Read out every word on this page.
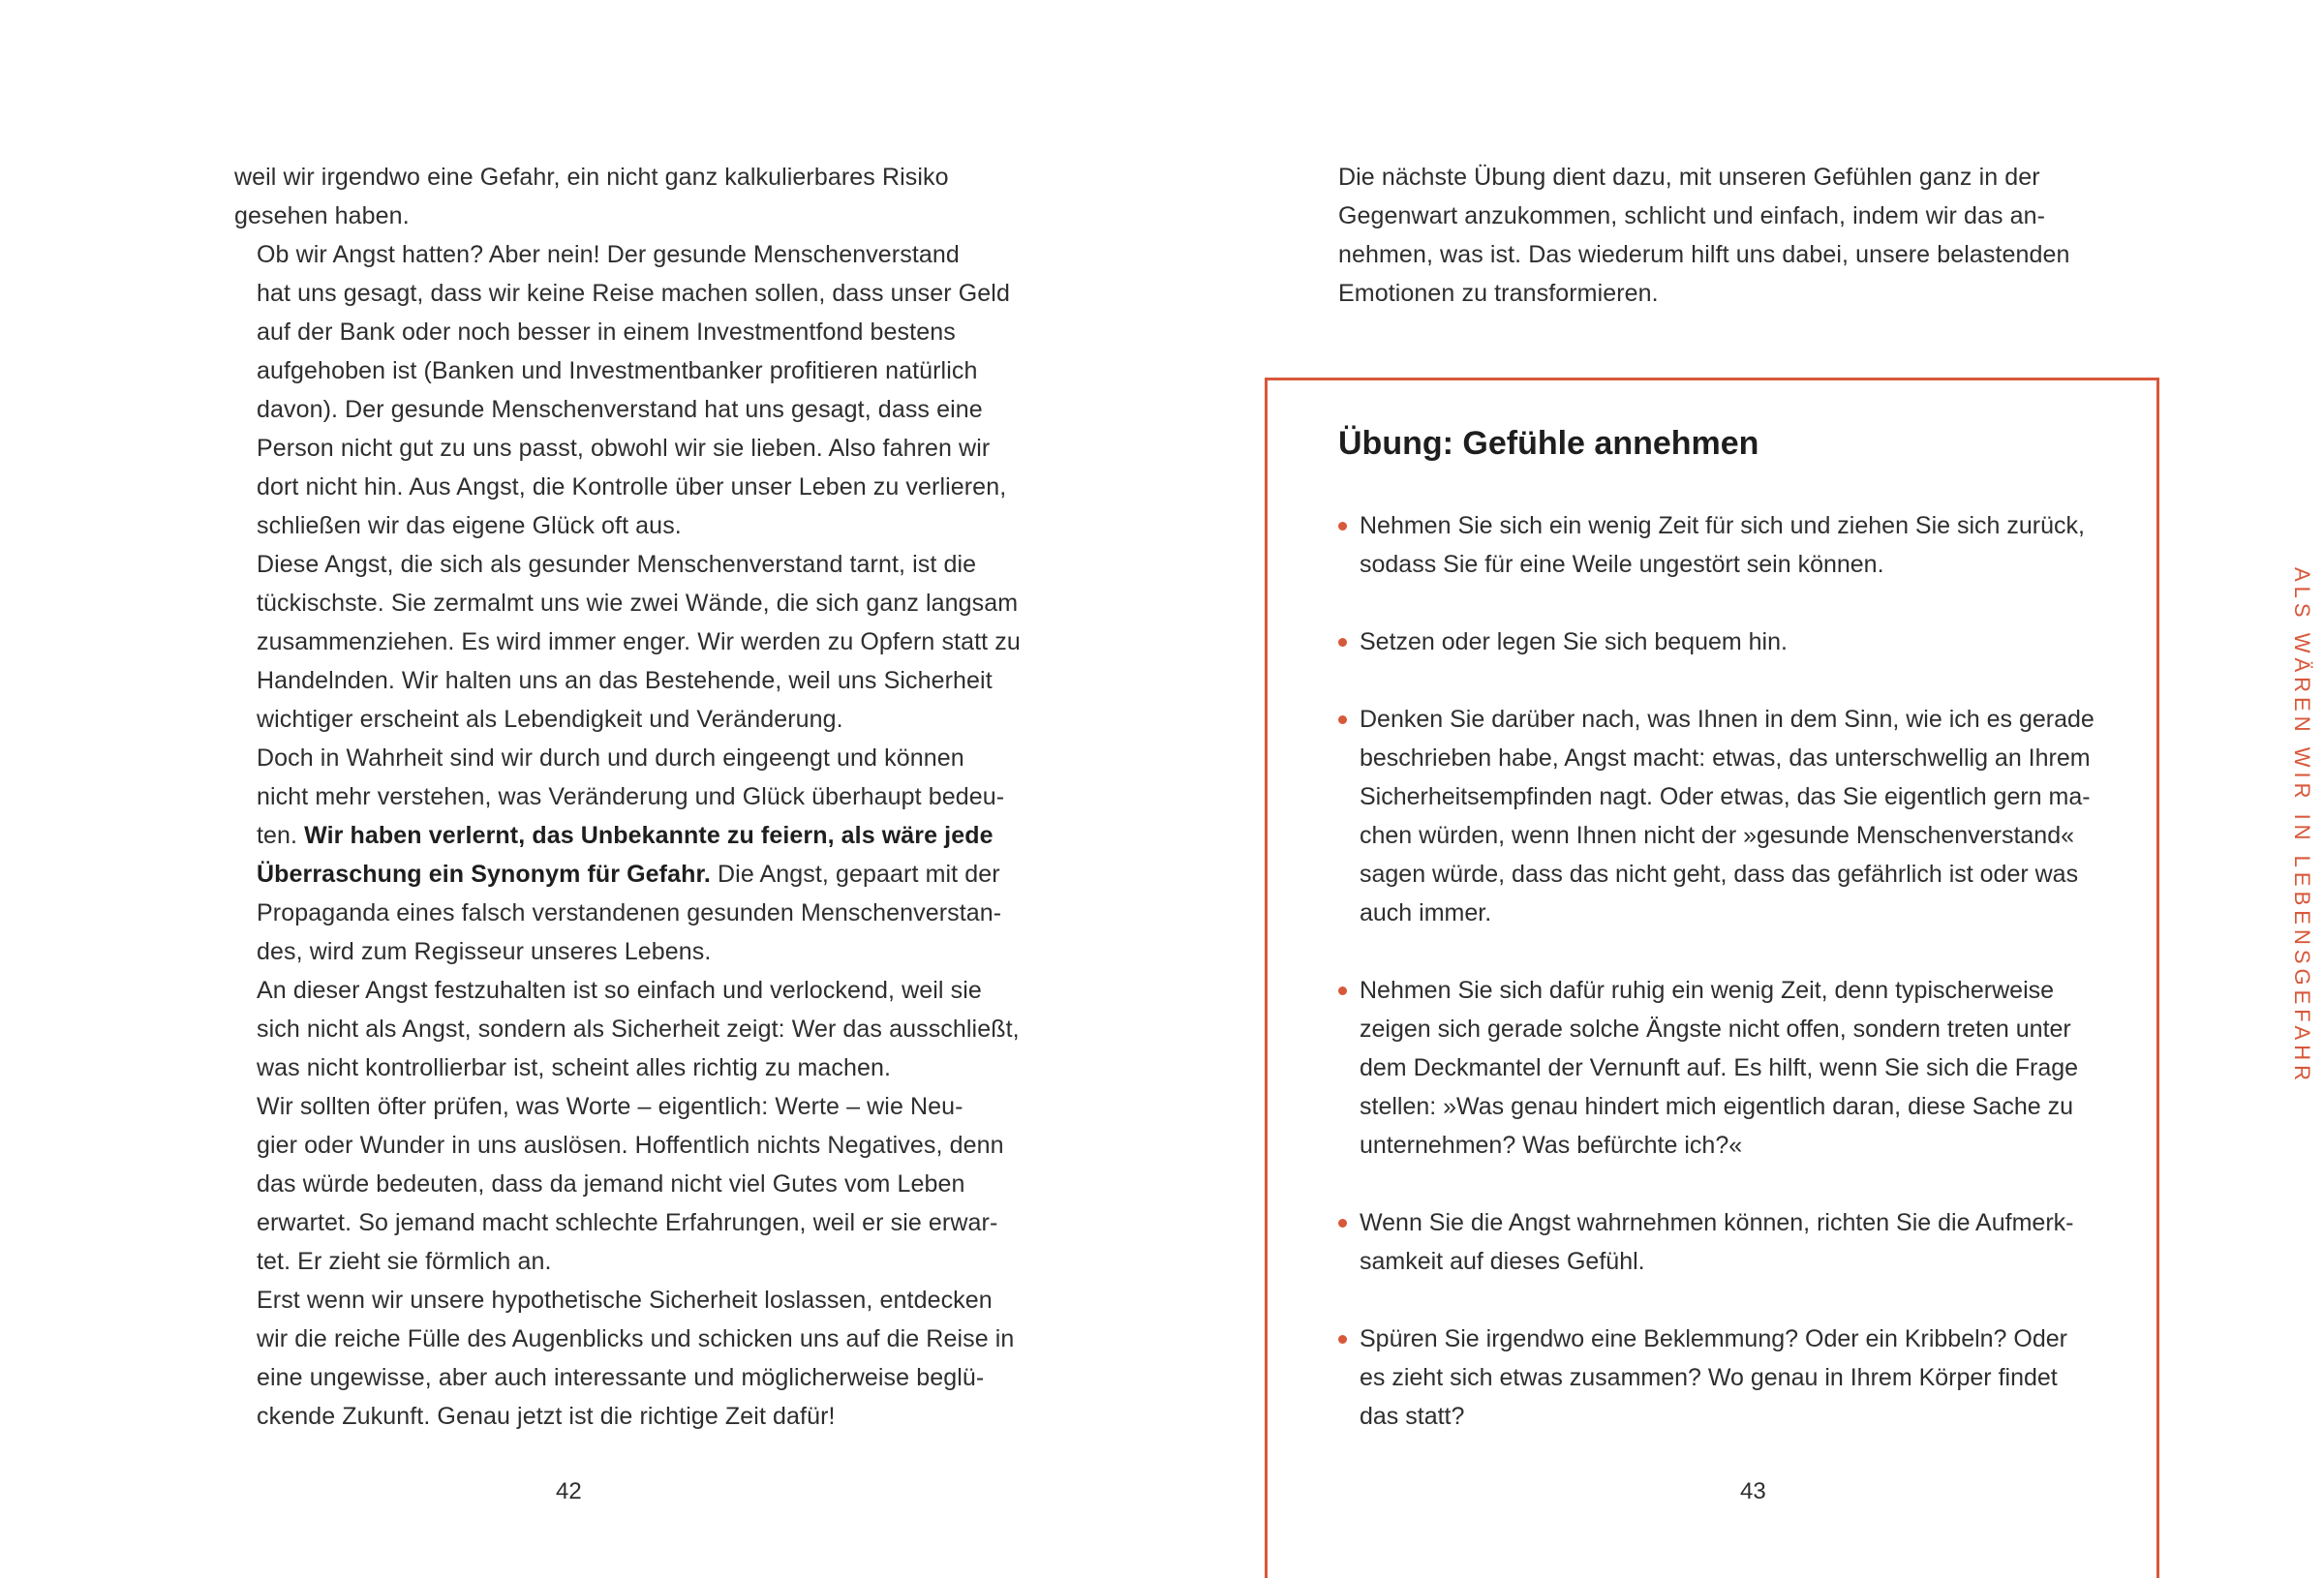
weil wir irgendwo eine Gefahr, ein nicht ganz kalkulierbares Risiko
gesehen haben.

Ob wir Angst hatten? Aber nein! Der gesunde Menschenverstand
hat uns gesagt, dass wir keine Reise machen sollen, dass unser Geld
auf der Bank oder noch besser in einem Investmentfond bestens
aufgehoben ist (Banken und Investmentbanker profitieren natürlich
davon). Der gesunde Menschenverstand hat uns gesagt, dass eine
Person nicht gut zu uns passt, obwohl wir sie lieben. Also fahren wir
dort nicht hin. Aus Angst, die Kontrolle über unser Leben zu verlieren,
schließen wir das eigene Glück oft aus.

Diese Angst, die sich als gesunder Menschenverstand tarnt, ist die
tückischste. Sie zermalmt uns wie zwei Wände, die sich ganz langsam
zusammenziehen. Es wird immer enger. Wir werden zu Opfern statt zu
Handelnden. Wir halten uns an das Bestehende, weil uns Sicherheit
wichtiger erscheint als Lebendigkeit und Veränderung.

Doch in Wahrheit sind wir durch und durch eingeengt und können
nicht mehr verstehen, was Veränderung und Glück überhaupt bedeu-
ten. Wir haben verlernt, das Unbekannte zu feiern, als wäre jede
Überraschung ein Synonym für Gefahr. Die Angst, gepaart mit der
Propaganda eines falsch verstandenen gesunden Menschenverstan-
des, wird zum Regisseur unseres Lebens.

An dieser Angst festzuhalten ist so einfach und verlockend, weil sie
sich nicht als Angst, sondern als Sicherheit zeigt: Wer das ausschließt,
was nicht kontrollierbar ist, scheint alles richtig zu machen.

Wir sollten öfter prüfen, was Worte – eigentlich: Werte – wie Neu-
gier oder Wunder in uns auslösen. Hoffentlich nichts Negatives, denn
das würde bedeuten, dass da jemand nicht viel Gutes vom Leben
erwartet. So jemand macht schlechte Erfahrungen, weil er sie erwar-
tet. Er zieht sie förmlich an.

Erst wenn wir unsere hypothetische Sicherheit loslassen, entdecken
wir die reiche Fülle des Augenblicks und schicken uns auf die Reise in
eine ungewisse, aber auch interessante und möglicherweise beglü-
ckende Zukunft. Genau jetzt ist die richtige Zeit dafür!

42
Die nächste Übung dient dazu, mit unseren Gefühlen ganz in der
Gegenwart anzukommen, schlicht und einfach, indem wir das an-
nehmen, was ist. Das wiederum hilft uns dabei, unsere belastenden
Emotionen zu transformieren.
Übung: Gefühle annehmen
Nehmen Sie sich ein wenig Zeit für sich und ziehen Sie sich zurück,
sodass Sie für eine Weile ungestört sein können.
Setzen oder legen Sie sich bequem hin.
Denken Sie darüber nach, was Ihnen in dem Sinn, wie ich es gerade
beschrieben habe, Angst macht: etwas, das unterschwellig an Ihrem
Sicherheitsempfinden nagt. Oder etwas, das Sie eigentlich gern ma-
chen würden, wenn Ihnen nicht der »gesunde Menschenverstand«
sagen würde, dass das nicht geht, dass das gefährlich ist oder was
auch immer.
Nehmen Sie sich dafür ruhig ein wenig Zeit, denn typischerweise
zeigen sich gerade solche Ängste nicht offen, sondern treten unter
dem Deckmantel der Vernunft auf. Es hilft, wenn Sie sich die Frage
stellen: »Was genau hindert mich eigentlich daran, diese Sache zu
unternehmen? Was befürchte ich?«
Wenn Sie die Angst wahrnehmen können, richten Sie die Aufmerk-
samkeit auf dieses Gefühl.
Spüren Sie irgendwo eine Beklemmung? Oder ein Kribbeln? Oder
es zieht sich etwas zusammen? Wo genau in Ihrem Körper findet
das statt?
43
ALS WÄREN WIR IN LEBENSGEFAHR
